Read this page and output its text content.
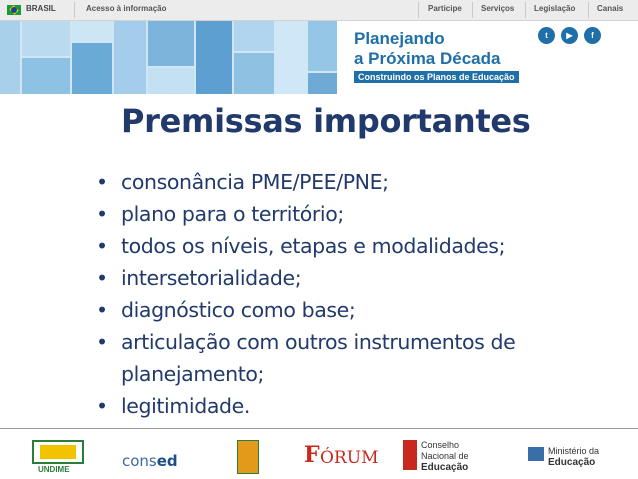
BRASIL	Acesso à informação	Participe Serviços Legislação	Canais
Planejando
a Próxima Década
Construindo os Planos de Educação
t	▶	f
Premissas importantes
• consonância PME/PEE/PNE;
• plano para o território;
• todos os níveis, etapas e modalidades;
• intersetorialidade;
• diagnóstico como base;
• articulação com outros instrumentos de
planejamento;
• legitimidade.
UNDIME	consed	F ÓRUM
Conselho
Nacional de
Educação
Ministério da
Educação
